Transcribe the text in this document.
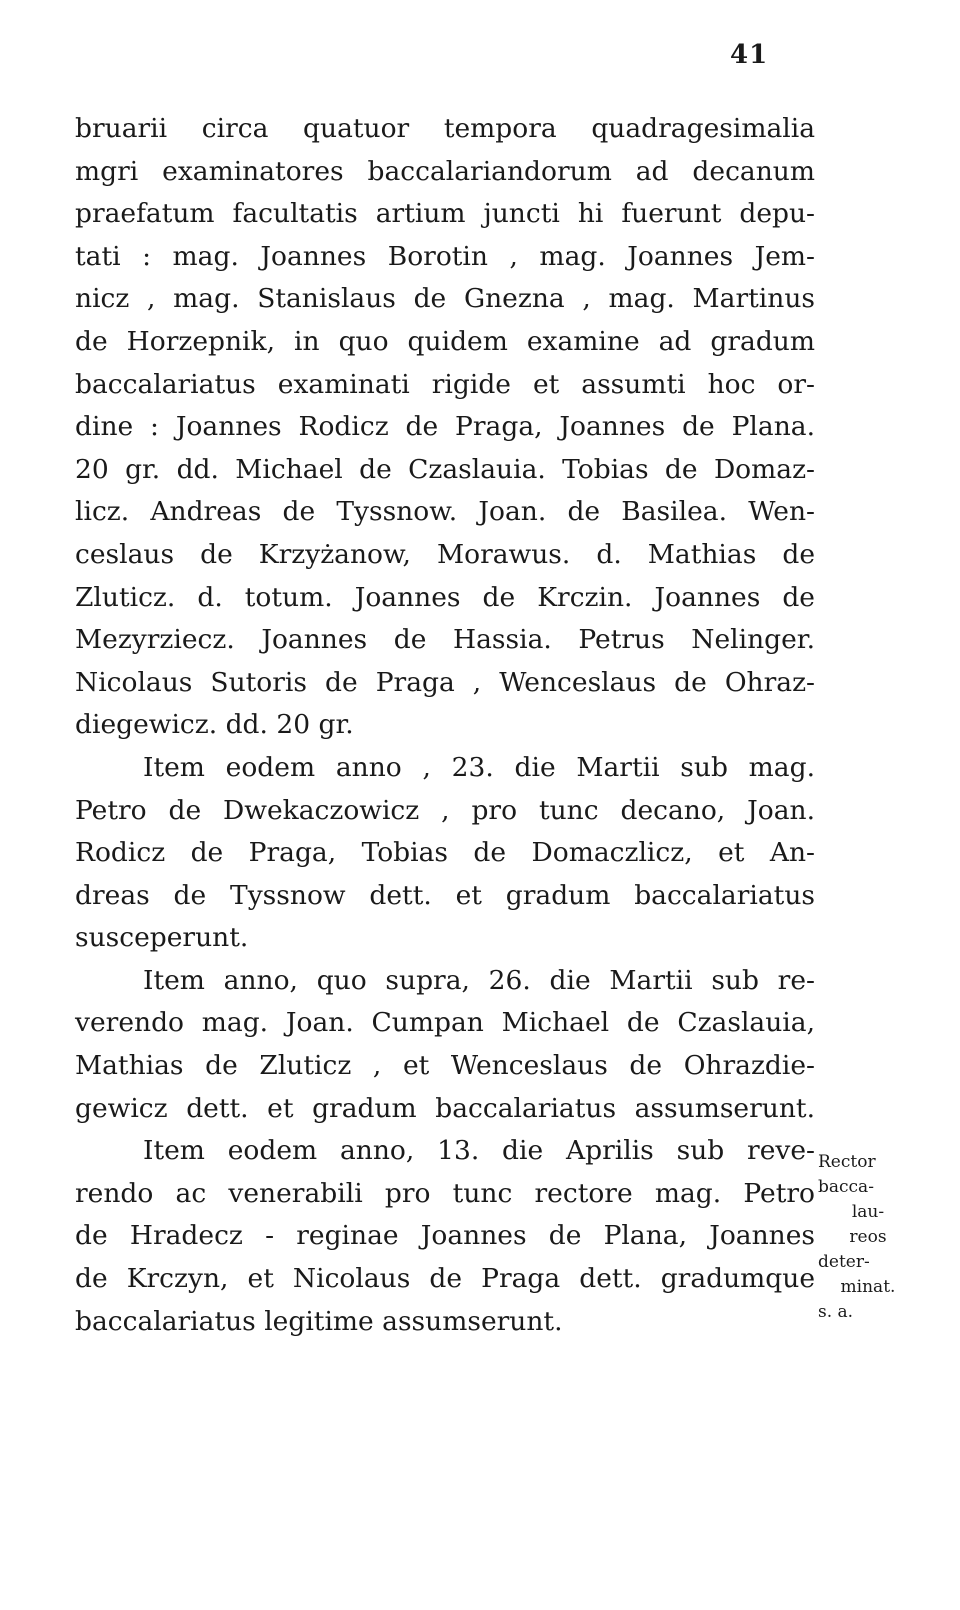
41
bruarii circa quatuor tempora quadragesimalia
mgri examinatores baccalariandorum ad decanum
praefatum facultatis artium juncti hi fuerunt depu-
tati : mag. Joannes Borotin , mag. Joannes Jem-
nicz , mag. Stanislaus de Gnezna , mag. Martinus
de Horzepnik, in quo quidem examine ad gradum
baccalariatus examinati rigide et assumti hoc or-
dine : Joannes Rodicz de Praga, Joannes de Plana.
20 gr. dd. Michael de Czaslauia. Tobias de Domaz-
licz. Andreas de Tyssnow. Joan. de Basilea. Wen-
ceslaus de Krzyżanow, Morawus. d. Mathias de
Zluticz. d. totum. Joannes de Krczin. Joannes de
Mezyrziecz. Joannes de Hassia. Petrus Nelinger.
Nicolaus Sutoris de Praga , Wenceslaus de Ohraz-
diegewicz. dd. 20 gr.
Item eodem anno , 23. die Martii sub mag.
Petro de Dwekaczowicz , pro tunc decano, Joan.
Rodicz de Praga, Tobias de Domaczlicz, et An-
dreas de Tyssnow dett. et gradum baccalariatus
susceperunt.
Item anno, quo supra, 26. die Martii sub re-
verendo mag. Joan. Cumpan Michael de Czaslauia,
Mathias de Zluticz , et Wenceslaus de Ohrazdie-
gewicz dett. et gradum baccalariatus assumserunt.
Item eodem anno, 13. die Aprilis sub reve-
rendo ac venerabili pro tunc rectore mag. Petro
de Hradecz - reginae Joannes de Plana, Joannes
de Krczyn, et Nicolaus de Praga dett. gradumque
baccalariatus legitime assumserunt.
Rector
bacca-
lau-
reos
deter-
minat.
s. a.
